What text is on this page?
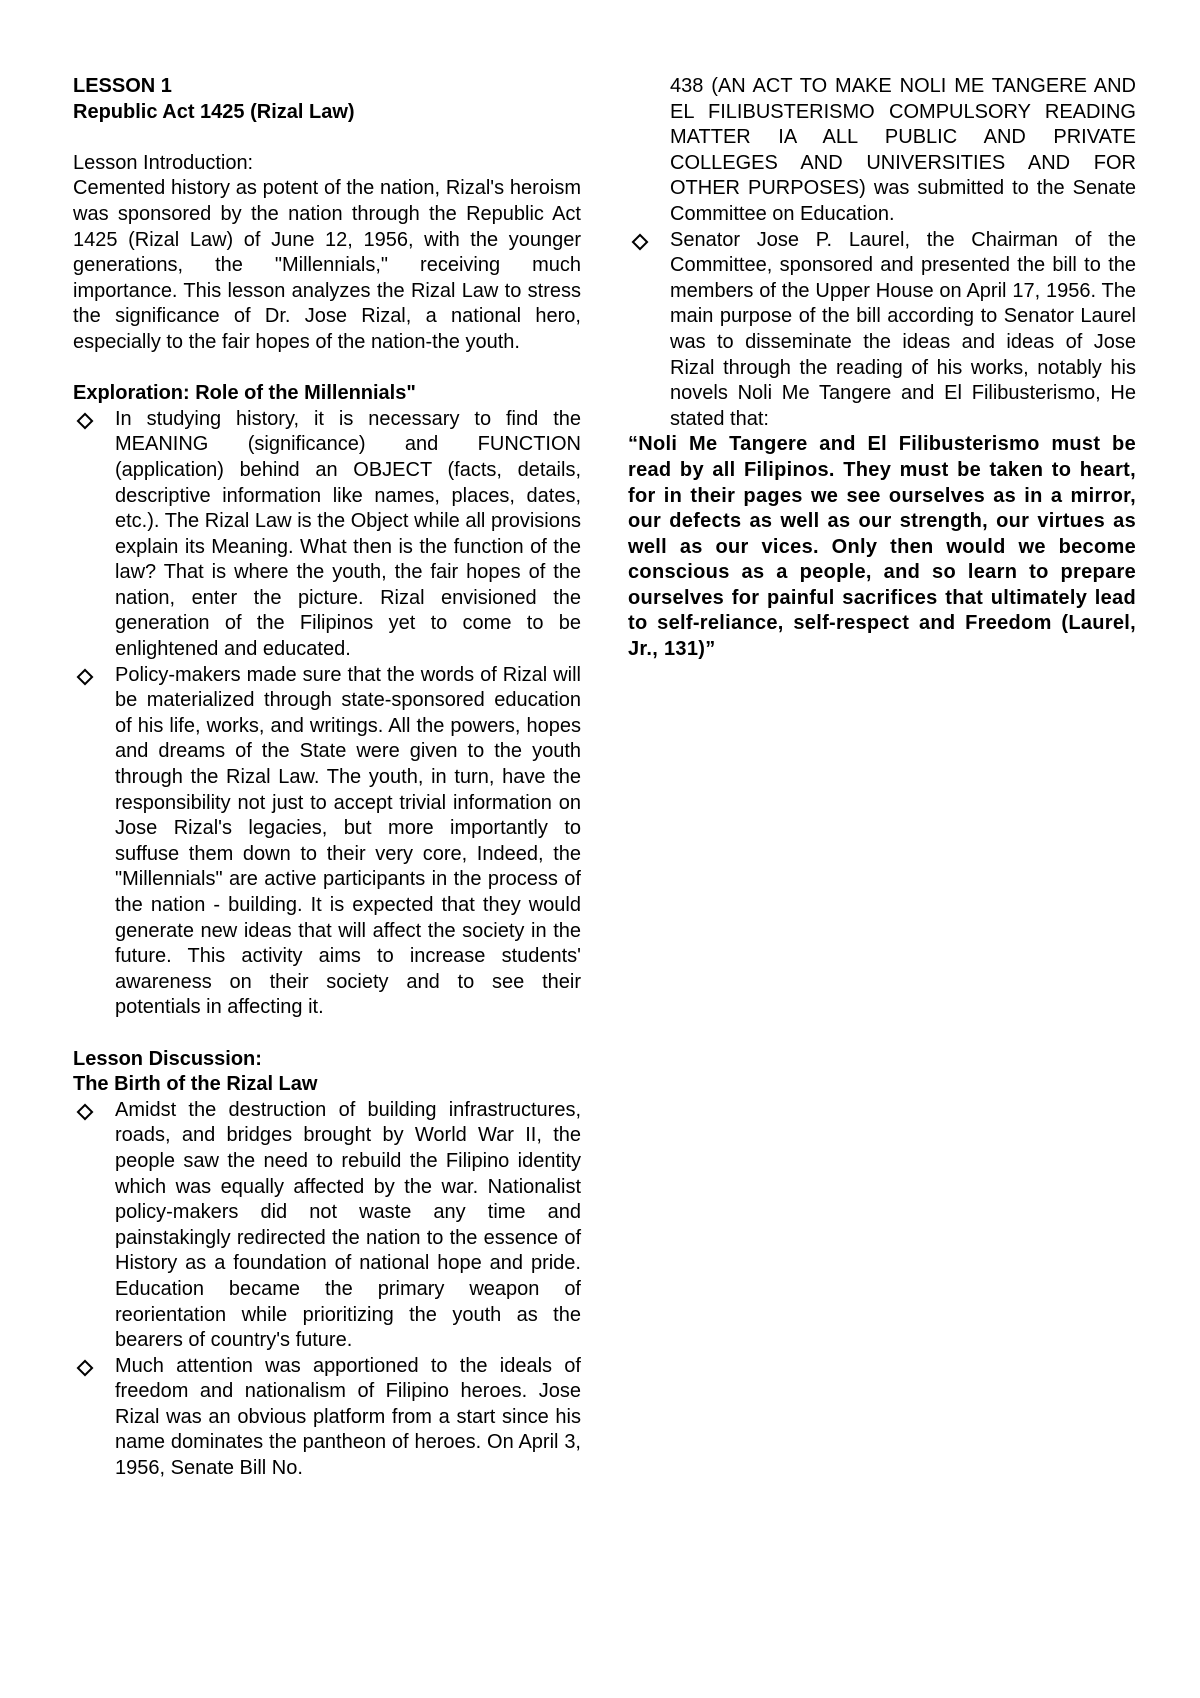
LESSON 1

Republic Act 1425 (Rizal Law)

Lesson Introduction:

Cemented history as potent of the nation, Rizal's heroism was sponsored by the nation through the Republic Act 1425 (Rizal Law) of June 12, 1956, with the younger generations, the "Millennials," receiving much importance. This lesson analyzes the Rizal Law to stress the significance of Dr. Jose Rizal, a national hero, especially to the fair hopes of the nation-the youth.

Exploration: Role of the Millennials"

In studying history, it is necessary to find the MEANING (significance) and FUNCTION (application) behind an OBJECT (facts, details, descriptive information like names, places, dates, etc.). The Rizal Law is the Object while all provisions explain its Meaning. What then is the function of the law? That is where the youth, the fair hopes of the nation, enter the picture. Rizal envisioned the generation of the Filipinos yet to come to be enlightened and educated.
Policy-makers made sure that the words of Rizal will be materialized through state-sponsored education of his life, works, and writings. All the powers, hopes and dreams of the State were given to the youth through the Rizal Law. The youth, in turn, have the responsibility not just to accept trivial information on Jose Rizal's legacies, but more importantly to suffuse them down to their very core, Indeed, the "Millennials" are active participants in the process of the nation - building. It is expected that they would generate new ideas that will affect the society in the future. This activity aims to increase students' awareness on their society and to see their potentials in affecting it.

Lesson Discussion:

The Birth of the Rizal Law

Amidst the destruction of building infrastructures, roads, and bridges brought by World War II, the people saw the need to rebuild the Filipino identity which was equally affected by the war. Nationalist policy-makers did not waste any time and painstakingly redirected the nation to the essence of History as a foundation of national hope and pride. Education became the primary weapon of reorientation while prioritizing the youth as the bearers of country's future.
Much attention was apportioned to the ideals of freedom and nationalism of Filipino heroes. Jose Rizal was an obvious platform from a start since his name dominates the pantheon of heroes. On April 3, 1956, Senate Bill No.

438 (AN ACT TO MAKE NOLI ME TANGERE AND EL FILIBUSTERISMO COMPULSORY READING MATTER IA ALL PUBLIC AND PRIVATE COLLEGES AND UNIVERSITIES AND FOR OTHER PURPOSES) was submitted to the Senate Committee on Education.

Senator Jose P. Laurel, the Chairman of the Committee, sponsored and presented the bill to the members of the Upper House on April 17, 1956. The main purpose of the bill according to Senator Laurel was to disseminate the ideas and ideas of Jose Rizal through the reading of his works, notably his novels Noli Me Tangere and El Filibusterismo, He stated that:

“Noli Me Tangere and El Filibusterismo must be read by all Filipinos. They must be taken to heart, for in their pages we see ourselves as in a mirror, our defects as well as our strength, our virtues as well as our vices. Only then would we become conscious as a people, and so learn to prepare ourselves for painful sacrifices that ultimately lead to self-reliance, self-respect and Freedom (Laurel, Jr., 131)”
